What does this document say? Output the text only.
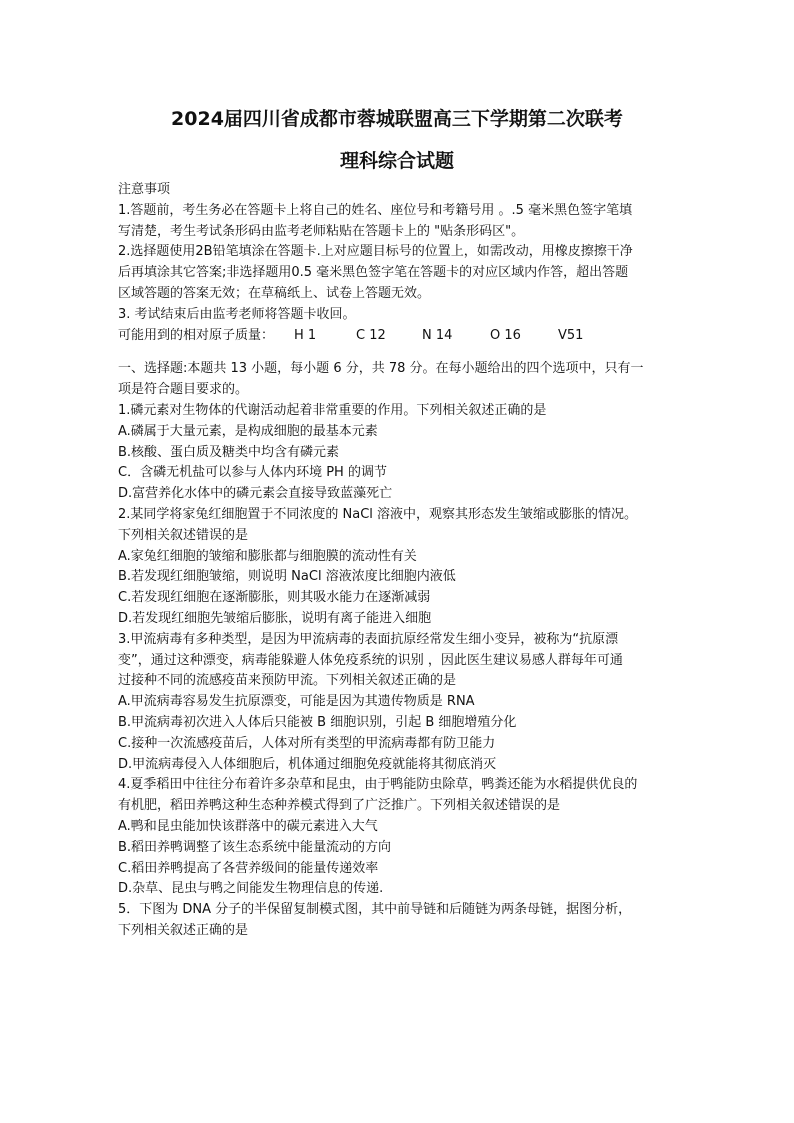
2024届四川省成都市蓉城联盟高三下学期第二次联考
理科综合试题
注意事项
1.答题前，考生务必在答题卡上将自己的姓名、座位号和考籍号用 。.5 毫米黑色签字笔填
写清楚，考生考试条形码由监考老师粘贴在答题卡上的 "贴条形码区"。
2.选择题使用2B铅笔填涂在答题卡.上对应题目标号的位置上，如需改动，用橡皮擦擦干净
后再填涂其它答案;非选择题用0.5 毫米黑色签字笔在答题卡的对应区域内作答，超出答题
区域答题的答案无效；在草稿纸上、试卷上答题无效。
3. 考试结束后由监考老师将答题卡收回。
可能用到的相对原子质量： H 1	C 12	N 14	O 16	V51
一、选择题:本题共 13 小题，每小题 6 分，共 78 分。在每小题给出的四个选项中，只有一
项是符合题目要求的。
1.磷元素对生物体的代谢活动起着非常重要的作用。下列相关叙述正确的是
A.磷属于大量元素，是构成细胞的最基本元素
B.核酸、蛋白质及糖类中均含有磷元素
C．含磷无机盐可以参与人体内环境 PH 的调节
D.富营养化水体中的磷元素会直接导致蓝藻死亡
2.某同学将家兔红细胞置于不同浓度的 NaCl 溶液中，观察其形态发生皱缩或膨胀的情况。
下列相关叙述错误的是
A.家兔红细胞的皱缩和膨胀都与细胞膜的流动性有关
B.若发现红细胞皱缩，则说明 NaCl 溶液浓度比细胞内液低
C.若发现红细胞在逐渐膨胀，则其吸水能力在逐渐减弱
D.若发现红细胞先皱缩后膨胀，说明有离子能进入细胞
3.甲流病毒有多种类型，是因为甲流病毒的表面抗原经常发生细小变异，被称为“抗原漂
变”，通过这种漂变，病毒能躲避人体免疫系统的识别 ，因此医生建议易感人群每年可通
过接种不同的流感疫苗来预防甲流。下列相关叙述正确的是
A.甲流病毒容易发生抗原漂变，可能是因为其遗传物质是 RNA
B.甲流病毒初次进入人体后只能被 B 细胞识别，引起 B 细胞增殖分化
C.接种一次流感疫苗后，人体对所有类型的甲流病毒都有防卫能力
D.甲流病毒侵入人体细胞后，机体通过细胞免疫就能将其彻底消灭
4.夏季稻田中往往分布着许多杂草和昆虫，由于鸭能防虫除草，鸭粪还能为水稻提供优良的
有机肥，稻田养鸭这种生态种养模式得到了广泛推广。下列相关叙述错误的是
A.鸭和昆虫能加快该群落中的碳元素进入大气
B.稻田养鸭调整了该生态系统中能量流动的方向
C.稻田养鸭提高了各营养级间的能量传递效率
D.杂草、昆虫与鸭之间能发生物理信息的传递.
5．下图为 DNA 分子的半保留复制模式图，其中前导链和后随链为两条母链，据图分析，
下列相关叙述正确的是
